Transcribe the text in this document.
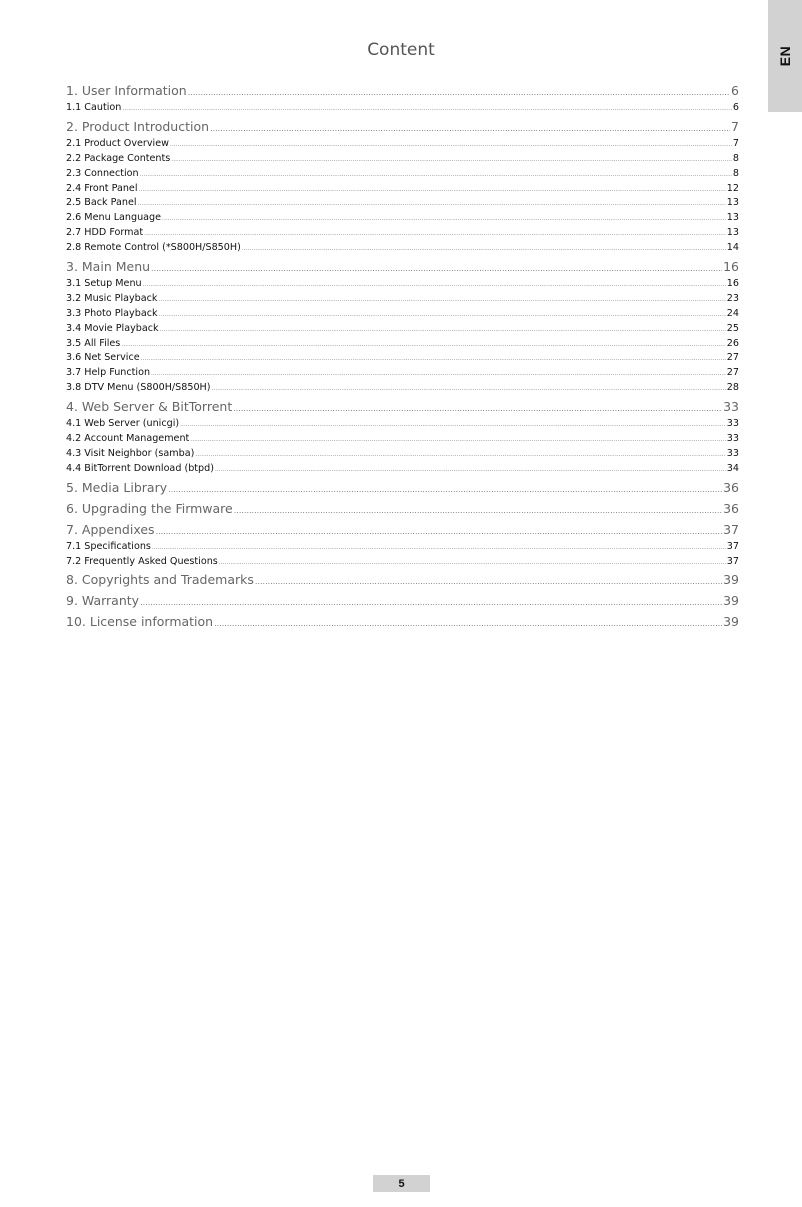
EN
Content
1. User Information .....	6
1.1 Caution .....	6
2. Product Introduction .....	7
2.1 Product Overview .....	7
2.2 Package Contents .....	8
2.3 Connection .....	8
2.4 Front Panel .....	12
2.5 Back Panel .....	13
2.6 Menu Language .....	13
2.7 HDD Format .....	13
2.8 Remote Control (*S800H/S850H) .....	14
3. Main Menu .....	16
3.1 Setup Menu .....	16
3.2 Music Playback .....	23
3.3 Photo Playback .....	24
3.4 Movie Playback .....	25
3.5 All Files .....	26
3.6 Net Service .....	27
3.7 Help Function .....	27
3.8 DTV Menu (S800H/S850H) .....	28
4. Web Server & BitTorrent .....	33
4.1 Web Server (unicgi) .....	33
4.2 Account Management .....	33
4.3 Visit Neighbor (samba) .....	33
4.4 BitTorrent Download (btpd) .....	34
5. Media Library .....	36
6. Upgrading the Firmware .....	36
7. Appendixes .....	37
7.1 Specifications .....	37
7.2 Frequently Asked Questions .....	37
8. Copyrights and Trademarks .....	39
9. Warranty .....	39
10. License information .....	39
5
